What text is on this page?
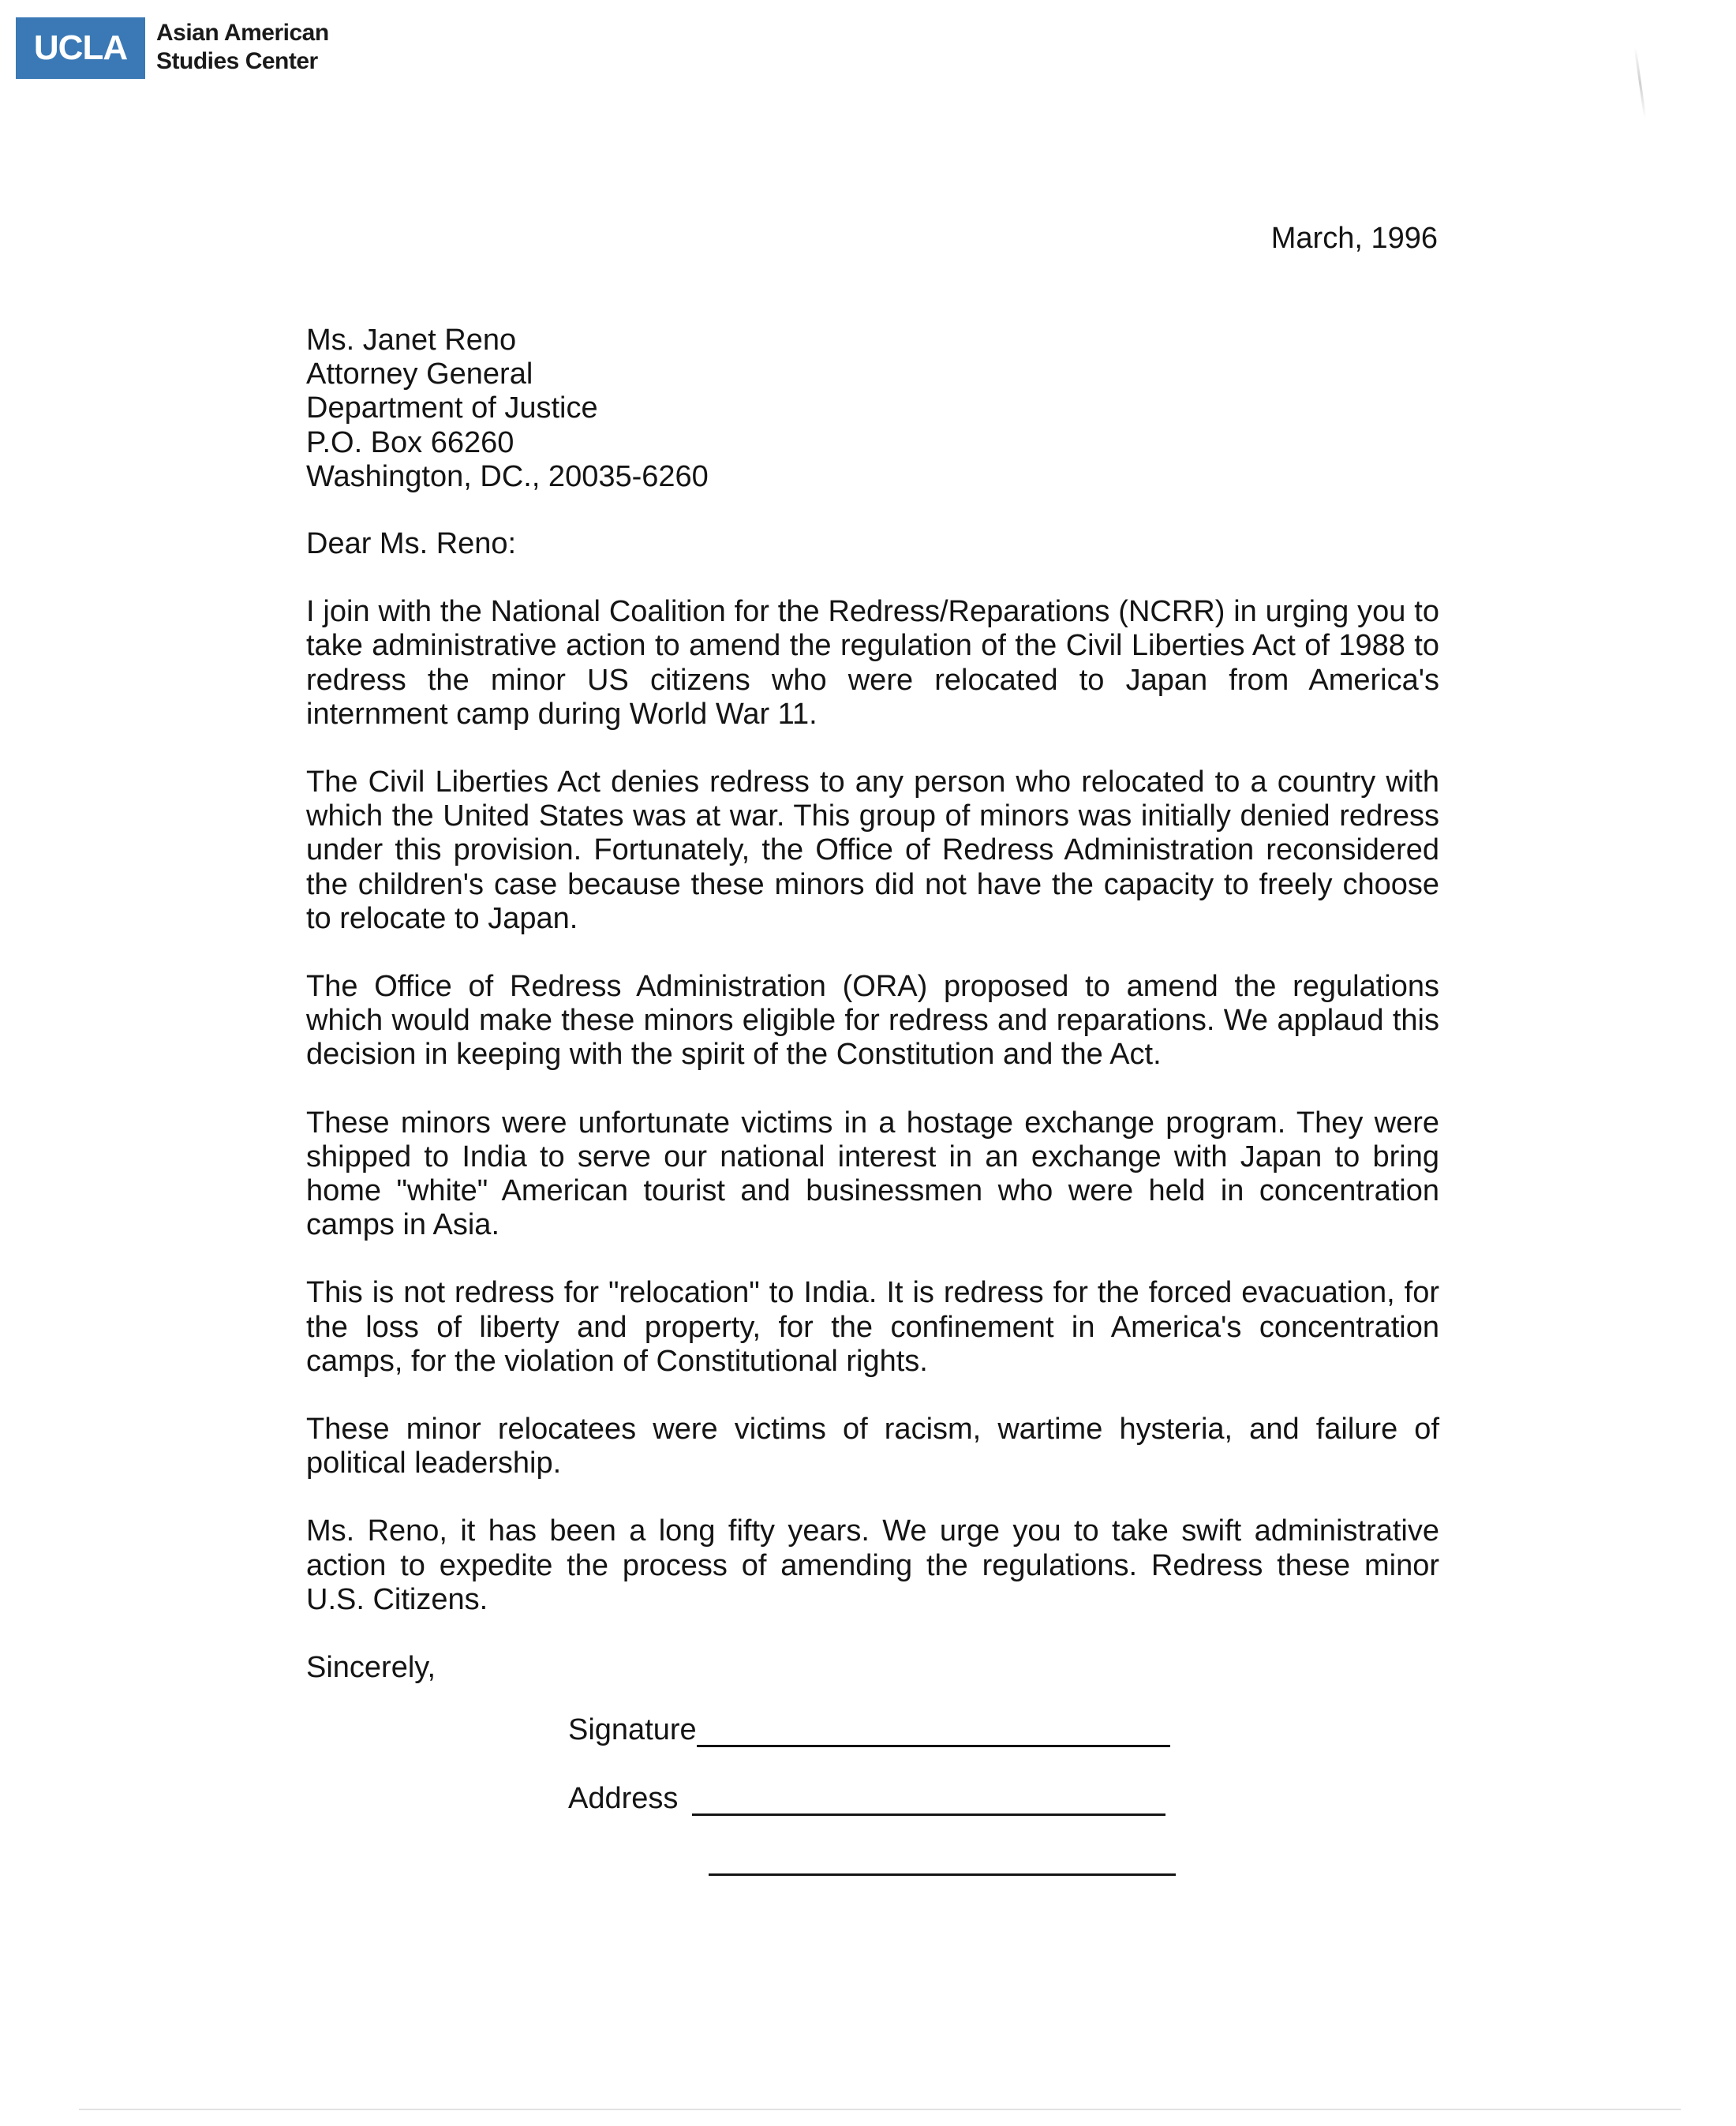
UCLA Asian American
Studies Center
March, 1996
Ms. Janet Reno
Attorney General
Department of Justice
P.O. Box 66260
Washington, DC., 20035-6260

Dear Ms. Reno:

I join with the National Coalition for the Redress/Reparations (NCRR) in urging you to take administrative action to amend the regulation of the Civil Liberties Act of 1988 to redress the minor US citizens who were relocated to Japan from America's internment camp during World War 11.

The Civil Liberties Act denies redress to any person who relocated to a country with which the United States was at war. This group of minors was initially denied redress under this provision. Fortunately, the Office of Redress Administration reconsidered the children's case because these minors did not have the capacity to freely choose to relocate to Japan.

The Office of Redress Administration (ORA) proposed to amend the regulations which would make these minors eligible for redress and reparations. We applaud this decision in keeping with the spirit of the Constitution and the Act.

These minors were unfortunate victims in a hostage exchange program. They were shipped to India to serve our national interest in an exchange with Japan to bring home "white" American tourist and businessmen who were held in concentration camps in Asia.

This is not redress for "relocation" to India. It is redress for the forced evacuation, for the loss of liberty and property, for the confinement in America's concentration camps, for the violation of Constitutional rights.

These minor relocatees were victims of racism, wartime hysteria, and failure of political leadership.

Ms. Reno, it has been a long fifty years. We urge you to take swift administrative action to expedite the process of amending the regulations. Redress these minor U.S. Citizens.

Sincerely,

Signature
Address
